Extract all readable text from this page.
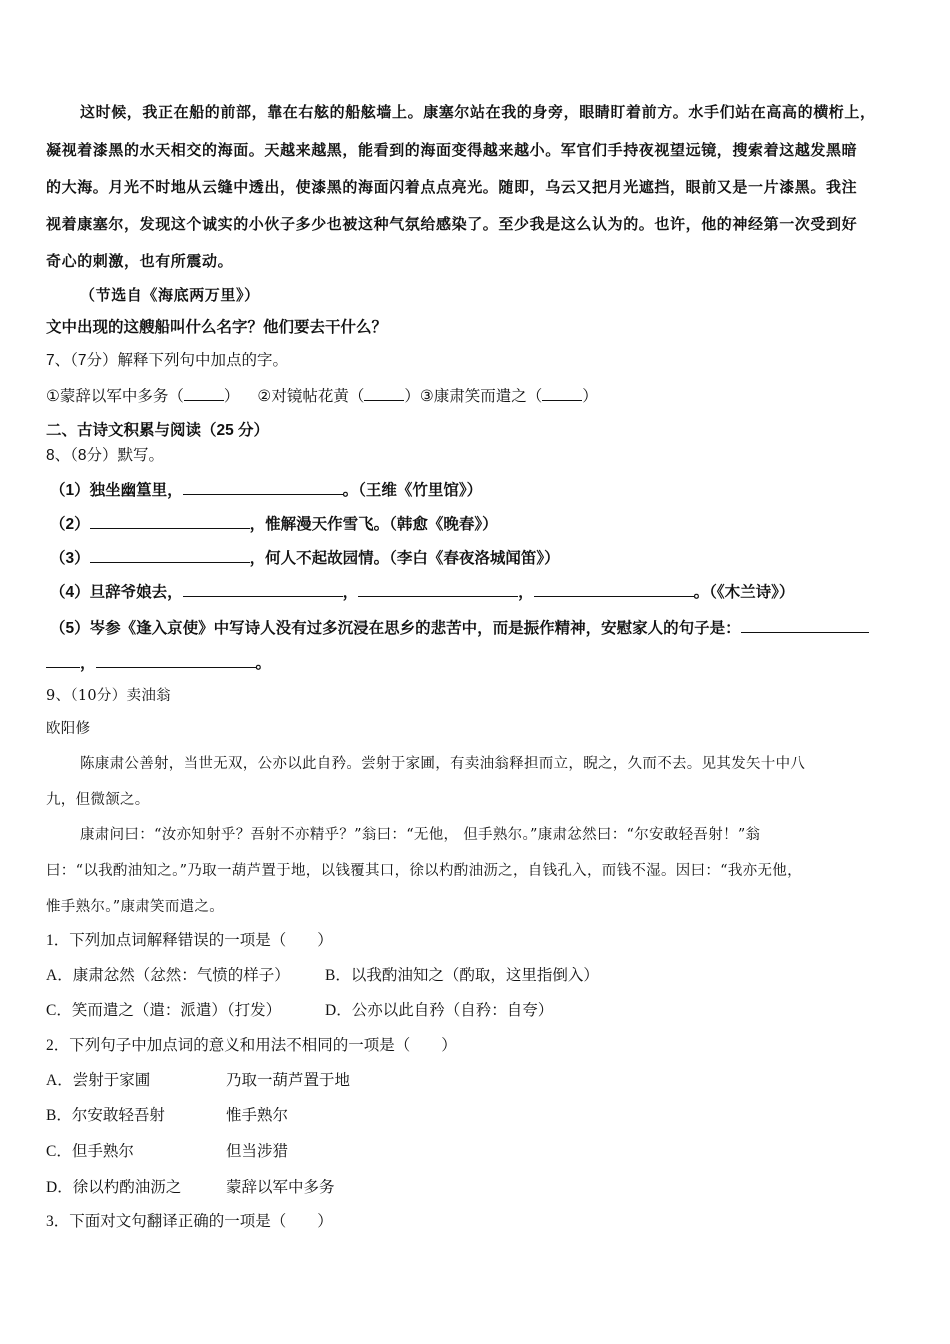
这时候，我正在船的前部，靠在右舷的船舷墙上。康塞尔站在我的身旁，眼睛盯着前方。水手们站在高高的横桁上，
凝视着漆黑的水天相交的海面。天越来越黑，能看到的海面变得越来越小。军官们手持夜视望远镜，搜索着这越发黑暗
的大海。月光不时地从云缝中透出，使漆黑的海面闪着点点亮光。随即，乌云又把月光遮挡，眼前又是一片漆黑。我注
视着康塞尔，发现这个诚实的小伙子多少也被这种气氛给感染了。至少我是这么认为的。也许，他的神经第一次受到好
奇心的刺激，也有所震动。
（节选自《海底两万里》）
文中出现的这艘船叫什么名字？他们要去干什么？
7、（7分）解释下列句中加点的字。
①蒙辞以军中多务（	） ②对镜帖花黄（	）③康肃笑而遣之（	）
二、古诗文积累与阅读（25 分）
8、（8分）默写。
（1）独坐幽篁里，	。（王维《竹里馆》）
（2）	，惟解漫天作雪飞。（韩愈《晚春》）
（3）	，何人不起故园情。（李白《春夜洛城闻笛》）
（4）旦辞爷娘去，	，	，	。（《木兰诗》）
（5）岑参《逢入京使》中写诗人没有过多沉浸在思乡的悲苦中，而是振作精神，安慰家人的句子是：
，	。
9、（10分）卖油翁
欧阳修
陈康肃公善射，当世无双，公亦以此自矜。尝射于家圃，有卖油翁释担而立，睨之，久而不去。见其发矢十中八
九，但微颔之。
康肃问曰：“汝亦知射乎？吾射不亦精乎？”翁曰：“无他， 但手熟尔。”康肃忿然曰：“尔安敢轻吾射！”翁
曰：“以我酌油知之。”乃取一葫芦置于地，以钱覆其口，徐以杓酌油沥之，自钱孔入，而钱不湿。因曰：“我亦无他，
惟手熟尔。”康肃笑而遣之。
1．下列加点词解释错误的一项是（　　）
A．康肃忿然（忿然：气愤的样子） B．以我酌油知之（酌取，这里指倒入）
C．笑而遣之（遣：派遣）（打发）	D．公亦以此自矜（自矜：自夸）
2．下列句子中加点词的意义和用法不相同的一项是（　　）
A．尝射于家圃	乃取一葫芦置于地
B．尔安敢轻吾射	惟手熟尔
C．但手熟尔	但当涉猎
D．徐以杓酌油沥之	蒙辞以军中多务
3．下面对文句翻译正确的一项是（　　）
